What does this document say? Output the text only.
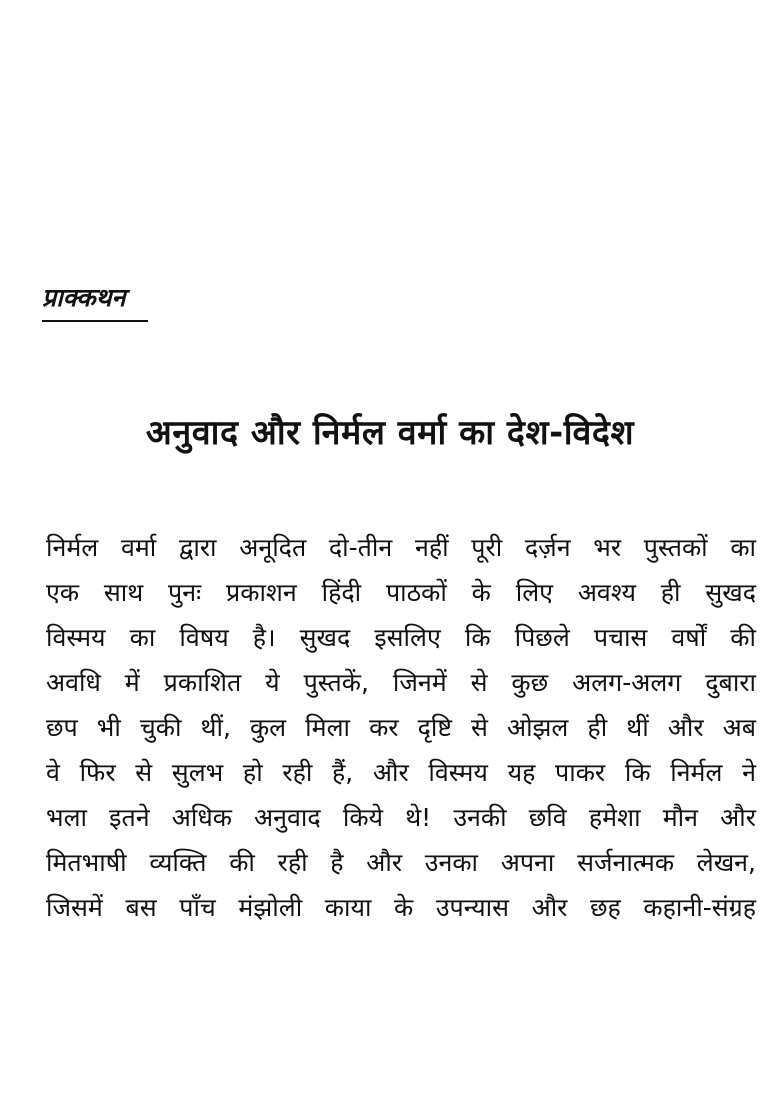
प्राक्कथन
अनुवाद और निर्मल वर्मा का देश-विदेश
निर्मल वर्मा द्वारा अनूदित दो-तीन नहीं पूरी दर्ज़न भर पुस्तकों का
एक साथ पुनः प्रकाशन हिंदी पाठकों के लिए अवश्य ही सुखद
विस्मय का विषय है। सुखद इसलिए कि पिछले पचास वर्षों की
अवधि में प्रकाशित ये पुस्तकें, जिनमें से कुछ अलग-अलग दुबारा
छप भी चुकी थीं, कुल मिला कर दृष्टि से ओझल ही थीं और अब
वे फिर से सुलभ हो रही हैं, और विस्मय यह पाकर कि निर्मल ने
भला इतने अधिक अनुवाद किये थे! उनकी छवि हमेशा मौन और
मितभाषी व्यक्ति की रही है और उनका अपना सर्जनात्मक लेखन,
जिसमें बस पाँच मंझोली काया के उपन्यास और छह कहानी-संग्रह
